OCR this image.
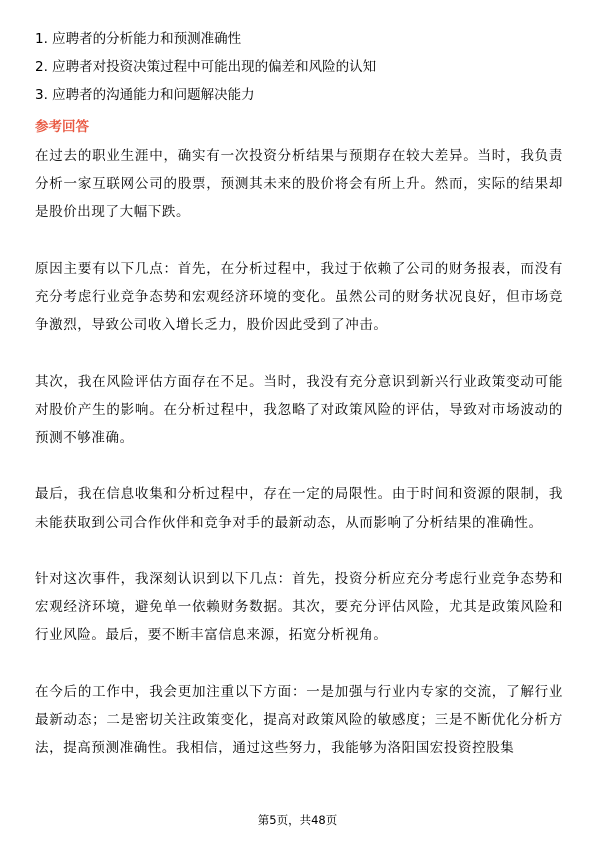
1. 应聘者的分析能力和预测准确性
2. 应聘者对投资决策过程中可能出现的偏差和风险的认知
3. 应聘者的沟通能力和问题解决能力
参考回答

在过去的职业生涯中，确实有一次投资分析结果与预期存在较大差异。当时，我负责分析一家互联网公司的股票，预测其未来的股价将会有所上升。然而，实际的结果却是股价出现了大幅下跌。

原因主要有以下几点：首先，在分析过程中，我过于依赖了公司的财务报表，而没有充分考虑行业竞争态势和宏观经济环境的变化。虽然公司的财务状况良好，但市场竞争激烈，导致公司收入增长乏力，股价因此受到了冲击。

其次，我在风险评估方面存在不足。当时，我没有充分意识到新兴行业政策变动可能对股价产生的影响。在分析过程中，我忽略了对政策风险的评估，导致对市场波动的预测不够准确。

最后，我在信息收集和分析过程中，存在一定的局限性。由于时间和资源的限制，我未能获取到公司合作伙伴和竞争对手的最新动态，从而影响了分析结果的准确性。

针对这次事件，我深刻认识到以下几点：首先，投资分析应充分考虑行业竞争态势和宏观经济环境，避免单一依赖财务数据。其次，要充分评估风险，尤其是政策风险和行业风险。最后，要不断丰富信息来源，拓宽分析视角。

在今后的工作中，我会更加注重以下方面：一是加强与行业内专家的交流，了解行业最新动态；二是密切关注政策变化，提高对政策风险的敏感度；三是不断优化分析方法，提高预测准确性。我相信，通过这些努力，我能够为洛阳国宏投资控股集

第5页，共48页
